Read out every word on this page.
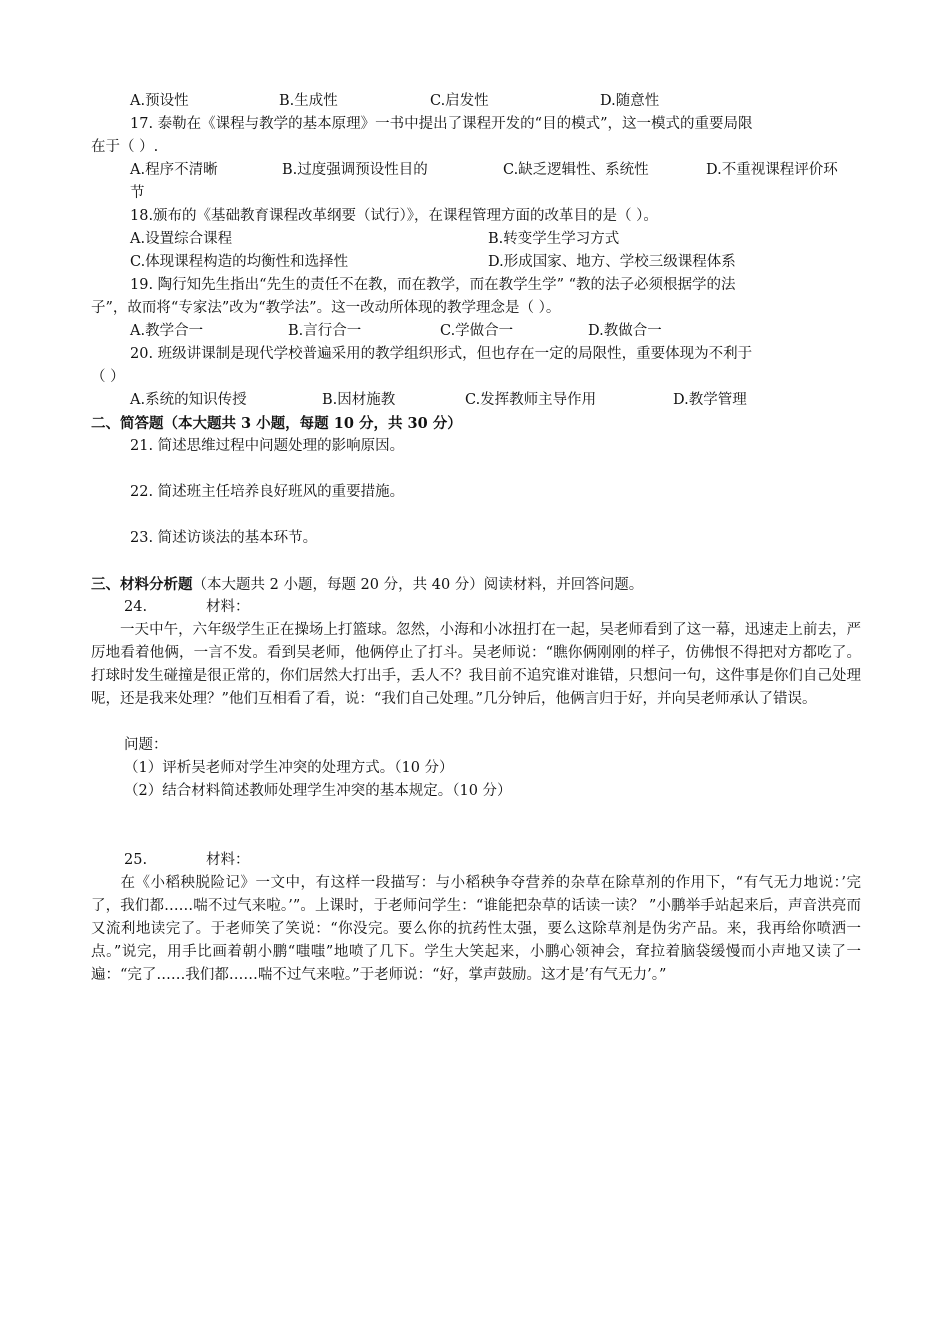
A.预设性	B.生成性	C.启发性	D.随意性
17. 泰勒在《课程与教学的基本原理》一书中提出了课程开发的“目的模式”，这一模式的重要局限
在于（ ）.
A.程序不清晰	B.过度强调预设性目的	C.缺乏逻辑性、系统性	D.不重视课程评价环
节
18.颁布的《基础教育课程改革纲要（试行）》，在课程管理方面的改革目的是（ ）。
A.设置综合课程	B.转变学生学习方式
C.体现课程构造的均衡性和选择性	D.形成国家、地方、学校三级课程体系
19. 陶行知先生指出“先生的责任不在教，而在教学，而在教学生学” “教的法子必须根据学的法
子”，故而将“专家法”改为“教学法”。这一改动所体现的教学理念是（ ）。
A.教学合一	B.言行合一	C.学做合一	D.教做合一
20. 班级讲课制是现代学校普遍采用的教学组织形式，但也存在一定的局限性，重要体现为不利于
（ ）
A.系统的知识传授	B.因材施教	C.发挥教师主导作用	D.教学管理
二、简答题（本大题共 3 小题，每题 10 分，共 30 分）
21. 简述思维过程中问题处理的影响原因。
22. 简述班主任培养良好班风的重要措施。
23. 简述访谈法的基本环节。
三、材料分析题（本大题共 2 小题，每题 20 分，共 40 分）阅读材料，并回答问题。
24.	材料：
一天中午，六年级学生正在操场上打篮球。忽然，小海和小冰扭打在一起，吴老师看到了这一幕，迅速走上前去，严厉地看着他俩，一言不发。看到吴老师，他俩停止了打斗。吴老师说：“瞧你俩刚刚的样子，仿佛恨不得把对方都吃了。打球时发生碰撞是很正常的，你们居然大打出手，丢人不？我目前不追究谁对谁错，只想问一句，这件事是你们自己处理呢，还是我来处理？”他们互相看了看，说：“我们自己处理。”几分钟后，他俩言归于好，并向吴老师承认了错误。
问题：
（1）评析吴老师对学生冲突的处理方式。（10 分）
（2）结合材料简述教师处理学生冲突的基本规定。（10 分）
25.	材料：
在《小稻秧脱险记》一文中，有这样一段描写：与小稻秧争夺营养的杂草在除草剂的作用下，“有气无力地说：’完了，我们都……喘不过气来啦。’”。上课时，于老师问学生：“谁能把杂草的话读一读？ ”小鹏举手站起来后，声音洪亮而又流利地读完了。于老师笑了笑说：“你没完。要么你的抗药性太强，要么这除草剂是伪劣产品。来，我再给你喷洒一点。”说完，用手比画着朝小鹏“嗤嗤”地喷了几下。学生大笑起来，小鹏心领神会，耷拉着脑袋缓慢而小声地又读了一遍：“完了……我们都……喘不过气来啦。”于老师说：“好，掌声鼓励。这才是’有气无力’。”
